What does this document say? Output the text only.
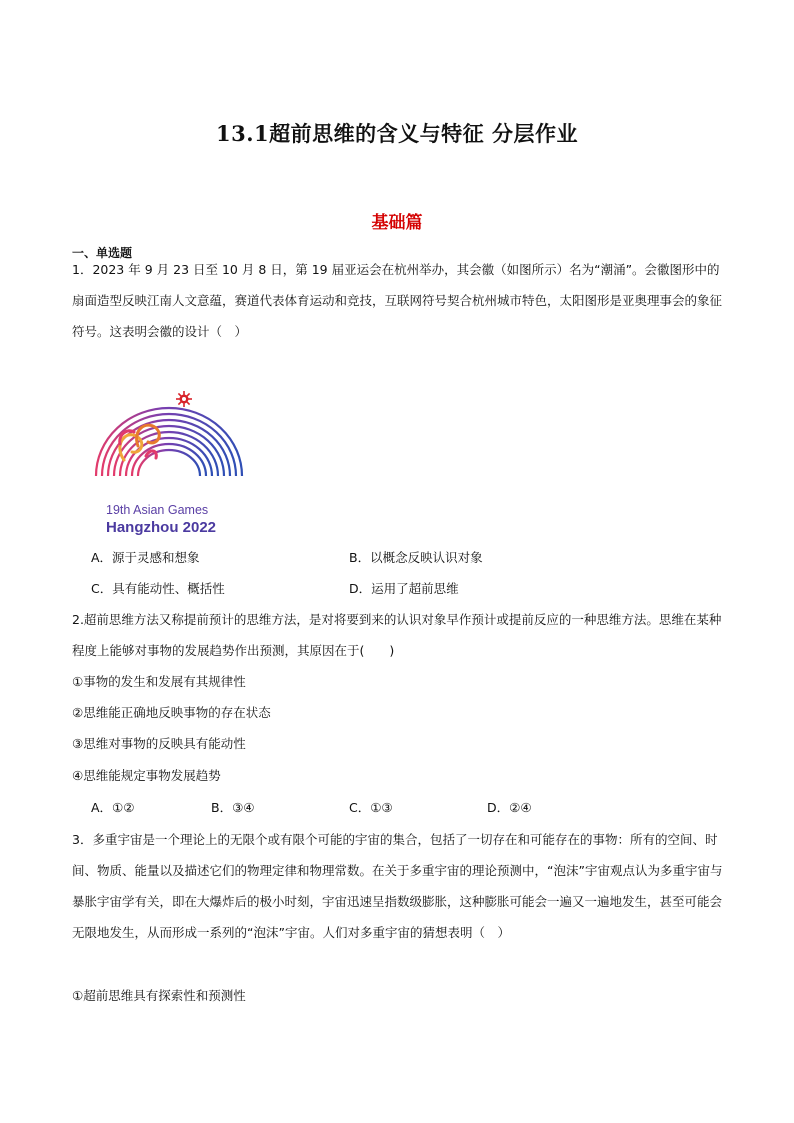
13.1超前思维的含义与特征 分层作业
基础篇
一、单选题
1．2023 年 9 月 23 日至 10 月 8 日，第 19 届亚运会在杭州举办，其会徽（如图所示）名为“潮涌”。会徽图形中的扇面造型反映江南人文意蕴，赛道代表体育运动和竞技，互联网符号契合杭州城市特色，太阳图形是亚奥理事会的象征符号。这表明会徽的设计（　）
19th Asian Games
Hangzhou 2022
A．源于灵感和想象	B．以概念反映认识对象
C．具有能动性、概括性	D．运用了超前思维
2.超前思维方法又称提前预计的思维方法，是对将要到来的认识对象早作预计或提前反应的一种思维方法。思维在某种程度上能够对事物的发展趋势作出预测，其原因在于(　　)
①事物的发生和发展有其规律性
②思维能正确地反映事物的存在状态
③思维对事物的反映具有能动性
④思维能规定事物发展趋势
A．①②	B．③④	C．①③	D．②④
3．多重宇宙是一个理论上的无限个或有限个可能的宇宙的集合，包括了一切存在和可能存在的事物：所有的空间、时间、物质、能量以及描述它们的物理定律和物理常数。在关于多重宇宙的理论预测中，“泡沫”宇宙观点认为多重宇宙与暴胀宇宙学有关，即在大爆炸后的极小时刻，宇宙迅速呈指数级膨胀，这种膨胀可能会一遍又一遍地发生，甚至可能会无限地发生，从而形成一系列的“泡沫”宇宙。人们对多重宇宙的猜想表明（　）
①超前思维具有探索性和预测性
